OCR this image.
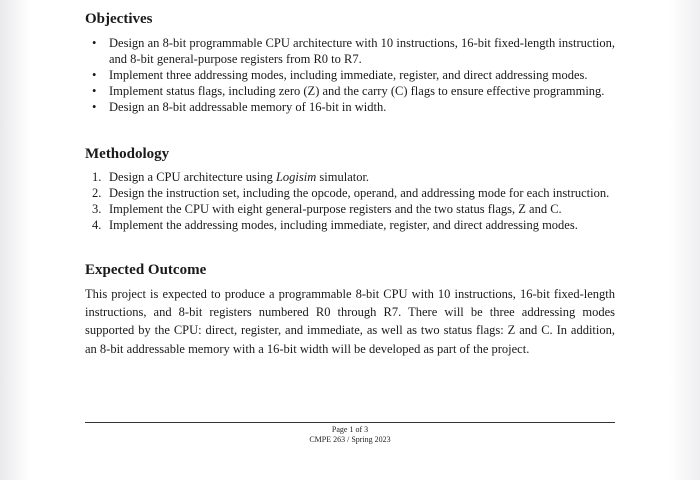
Objectives
• Design an 8-bit programmable CPU architecture with 10 instructions, 16-bit fixed-length instruction, and 8-bit general-purpose registers from R0 to R7.
• Implement three addressing modes, including immediate, register, and direct addressing modes.
• Implement status flags, including zero (Z) and the carry (C) flags to ensure effective programming.
• Design an 8-bit addressable memory of 16-bit in width.
Methodology
1. Design a CPU architecture using Logisim simulator.
2. Design the instruction set, including the opcode, operand, and addressing mode for each instruction.
3. Implement the CPU with eight general-purpose registers and the two status flags, Z and C.
4. Implement the addressing modes, including immediate, register, and direct addressing modes.
Expected Outcome

This project is expected to produce a programmable 8-bit CPU with 10 instructions, 16-bit fixed-length instructions, and 8-bit registers numbered R0 through R7. There will be three addressing modes supported by the CPU: direct, register, and immediate, as well as two status flags: Z and C. In addition, an 8-bit addressable memory with a 16-bit width will be developed as part of the project.

Page 1 of 3
CMPE 263 / Spring 2023
